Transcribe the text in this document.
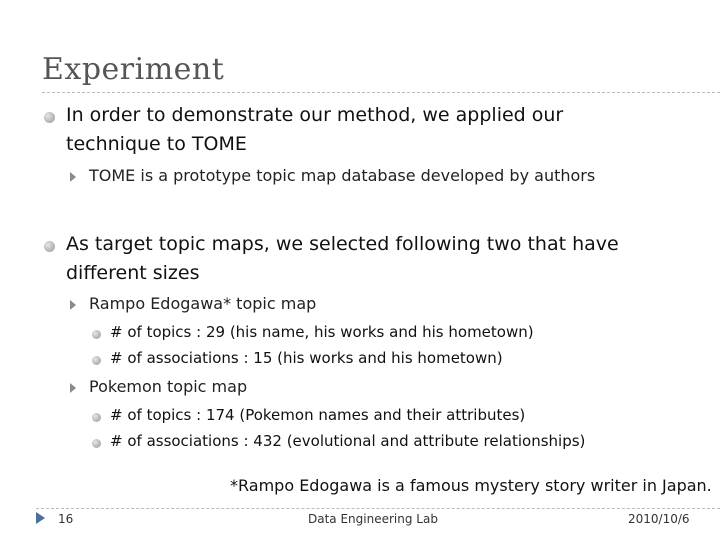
Experiment
In order to demonstrate our method, we applied our
technique to TOME
TOME is a prototype topic map database developed by authors
As target topic maps, we selected following two that have
different sizes
Rampo Edogawa* topic map
# of topics : 29 (his name, his works and his hometown)
# of associations : 15 (his works and his hometown)
Pokemon topic map
# of topics : 174 (Pokemon names and their attributes)
# of associations : 432 (evolutional and attribute relationships)
*Rampo Edogawa is a famous mystery story writer in Japan.
16	Data Engineering Lab	2010/10/6
